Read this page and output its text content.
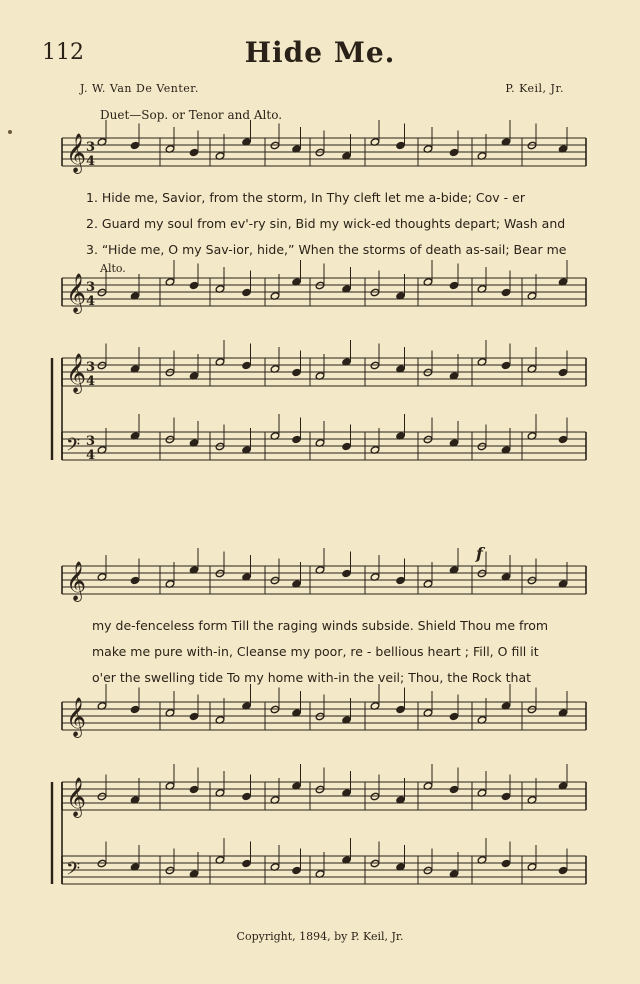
112	Hide Me.
J. W. Van De Venter.	P. Keil, Jr.
Duet—Sop. or Tenor and Alto.
Alto.
f
𝄞 3
4
𝄞 3
4
𝄞 3
4
𝄢 3
4
𝄞
𝄞
𝄞
𝄢
1. Hide me, Savior, from the storm, In Thy cleft let me a-bide; Cov - er
2. Guard my soul from ev'-ry sin, Bid my wick-ed thoughts depart; Wash and
3. “Hide me, O my Sav-ior, hide,” When the storms of death as-sail; Bear me
my de-fenceless form Till the raging winds subside. Shield Thou me from
make me pure with-in, Cleanse my poor, re - bellious heart ; Fill, O fill it
o'er the swelling tide To my home with-in the veil; Thou, the Rock that
Copyright, 1894, by P. Keil, Jr.
